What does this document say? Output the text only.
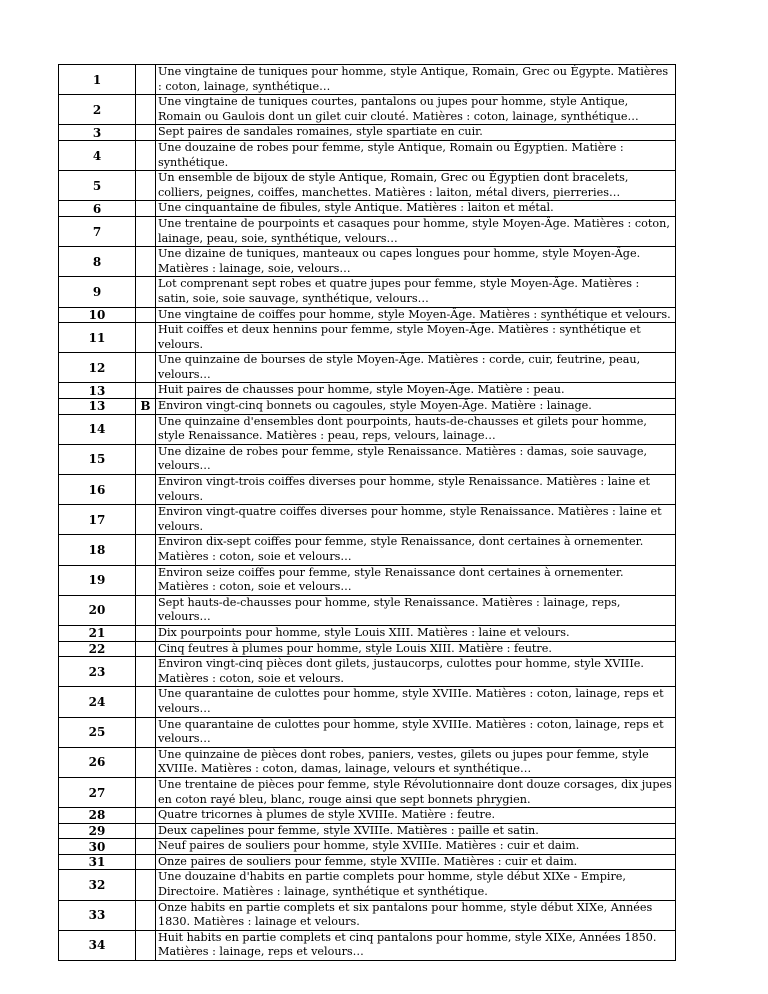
1		Une vingtaine de tuniques pour homme, style Antique, Romain, Grec ou Égypte. Matières : coton, lainage, synthétique…
2		Une vingtaine de tuniques courtes, pantalons ou jupes pour homme, style Antique, Romain ou Gaulois dont un gilet cuir clouté. Matières : coton, lainage, synthétique…
3		Sept paires de sandales romaines, style spartiate en cuir.
4		Une douzaine de robes pour femme, style Antique, Romain ou Égyptien. Matière : synthétique.
5		Un ensemble de bijoux de style Antique, Romain, Grec ou Égyptien dont bracelets, colliers, peignes, coiffes, manchettes. Matières : laiton, métal divers, pierreries…
6		Une cinquantaine de fibules, style Antique. Matières : laiton et métal.
7		Une trentaine de pourpoints et casaques pour homme, style Moyen-Âge. Matières : coton, lainage, peau, soie, synthétique, velours…
8		Une dizaine de tuniques, manteaux ou capes longues pour homme, style Moyen-Âge. Matières : lainage, soie, velours…
9		Lot comprenant sept robes et quatre jupes pour femme, style Moyen-Âge. Matières : satin, soie, soie sauvage, synthétique, velours…
10		Une vingtaine de coiffes pour homme, style Moyen-Âge. Matières : synthétique et velours.
11		Huit coiffes et deux hennins pour femme, style Moyen-Âge. Matières : synthétique et velours.
12		Une quinzaine de bourses de style Moyen-Âge. Matières : corde, cuir, feutrine, peau, velours…
13		Huit paires de chausses pour homme, style Moyen-Âge. Matière : peau.
13	B	Environ vingt-cinq bonnets ou cagoules, style Moyen-Âge. Matière : lainage.
14		Une quinzaine d'ensembles dont pourpoints, hauts-de-chausses et gilets pour homme, style Renaissance. Matières : peau, reps, velours, lainage…
15		Une dizaine de robes pour femme, style Renaissance. Matières : damas, soie sauvage, velours…
16		Environ vingt-trois coiffes diverses pour homme, style Renaissance. Matières : laine et velours.
17		Environ vingt-quatre coiffes diverses pour homme, style Renaissance. Matières : laine et velours.
18		Environ dix-sept coiffes pour femme, style Renaissance, dont certaines à ornementer. Matières : coton, soie et velours…
19		Environ seize coiffes pour femme, style Renaissance dont certaines à ornementer. Matières : coton, soie et velours…
20		Sept hauts-de-chausses pour homme, style Renaissance. Matières : lainage, reps, velours…
21		Dix pourpoints pour homme, style Louis XIII. Matières : laine et velours.
22		Cinq feutres à plumes pour homme, style Louis XIII. Matière : feutre.
23		Environ vingt-cinq pièces dont gilets, justaucorps, culottes pour homme, style XVIIIe. Matières : coton, soie et velours.
24		Une quarantaine de culottes pour homme, style XVIIIe. Matières : coton, lainage, reps et velours…
25		Une quarantaine de culottes pour homme, style XVIIIe. Matières : coton, lainage, reps et velours…
26		Une quinzaine de pièces dont robes, paniers, vestes, gilets ou jupes pour femme, style XVIIIe. Matières : coton, damas, lainage, velours et synthétique…
27		Une trentaine de pièces pour femme, style Révolutionnaire dont douze corsages, dix jupes en coton rayé bleu, blanc, rouge ainsi que sept bonnets phrygien.
28		Quatre tricornes à plumes de style XVIIIe. Matière : feutre.
29		Deux capelines pour femme, style XVIIIe. Matières : paille et satin.
30		Neuf paires de souliers pour homme, style XVIIIe. Matières : cuir et daim.
31		Onze paires de souliers pour femme, style XVIIIe. Matières : cuir et daim.
32		Une douzaine d'habits en partie complets pour homme, style début XIXe - Empire, Directoire. Matières : lainage, synthétique et synthétique.
33		Onze habits en partie complets et six pantalons pour homme, style début XIXe, Années 1830. Matières : lainage et velours.
34		Huit habits en partie complets et cinq pantalons pour homme, style XIXe, Années 1850. Matières : lainage, reps et velours…
